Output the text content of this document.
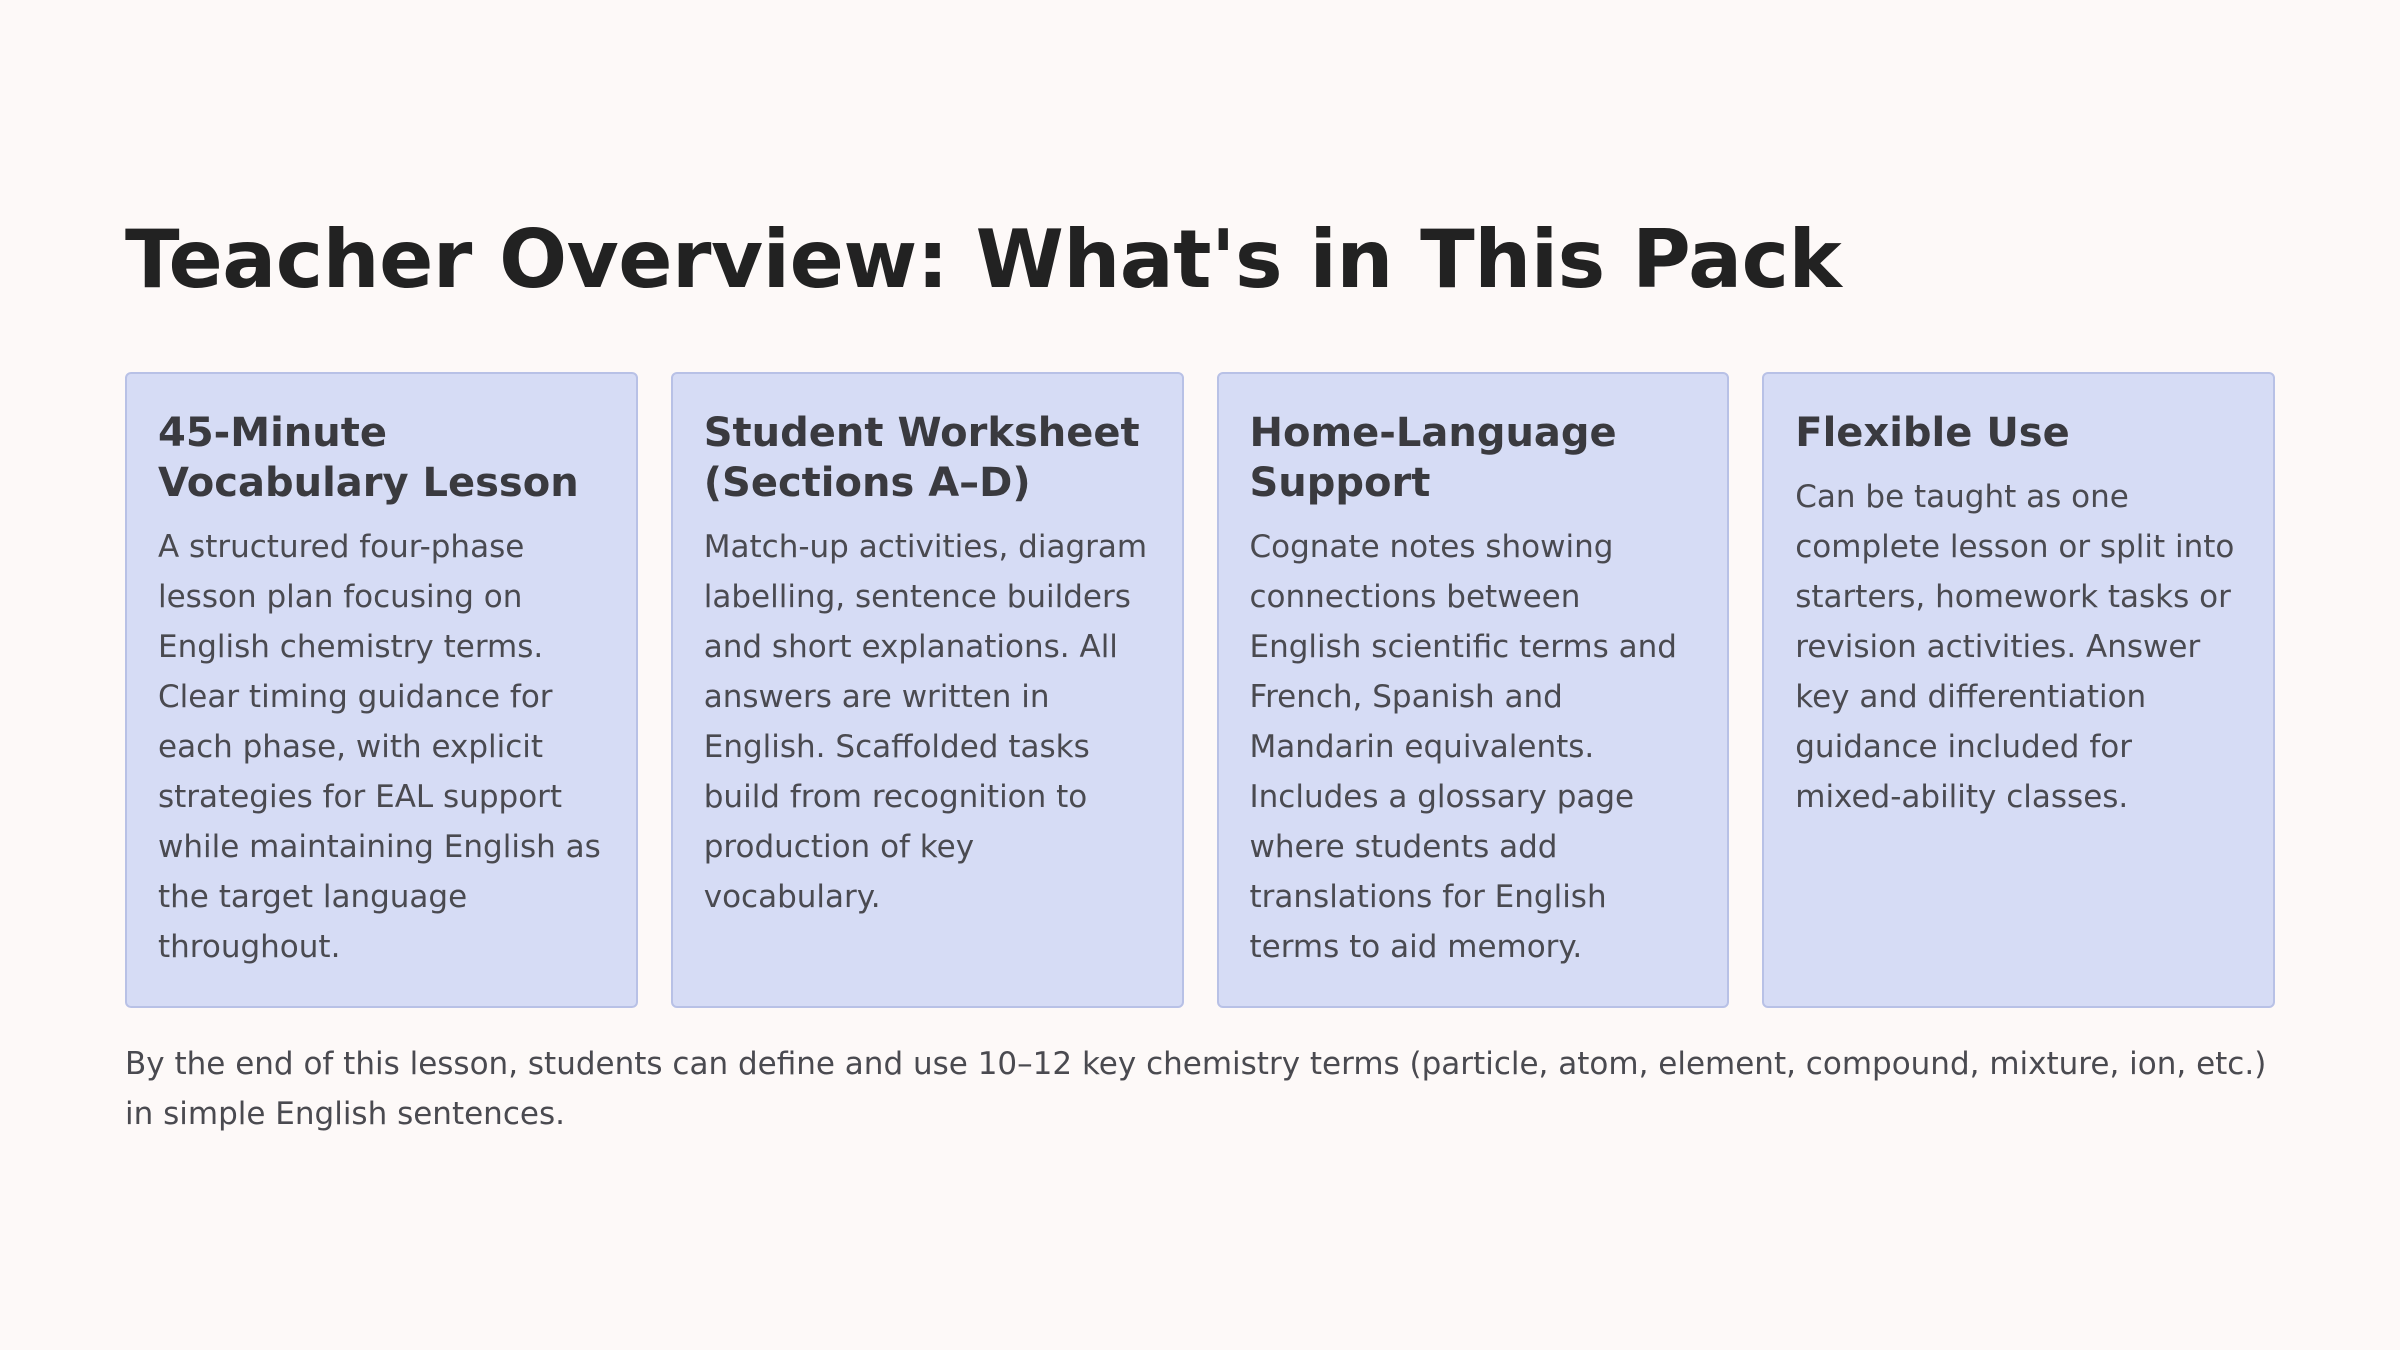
Teacher Overview: What's in This Pack
45-Minute Vocabulary Lesson

A structured four-phase lesson plan focusing on English chemistry terms. Clear timing guidance for each phase, with explicit strategies for EAL support while maintaining English as the target language throughout.

Student Worksheet (Sections A–D)

Match-up activities, diagram labelling, sentence builders and short explanations. All answers are written in English. Scaffolded tasks build from recognition to production of key vocabulary.

Home-Language Support

Cognate notes showing connections between English scientific terms and French, Spanish and Mandarin equivalents. Includes a glossary page where students add translations for English terms to aid memory.

Flexible Use

Can be taught as one complete lesson or split into starters, homework tasks or revision activities. Answer key and differentiation guidance included for mixed-ability classes.

By the end of this lesson, students can define and use 10–12 key chemistry terms (particle, atom, element, compound, mixture, ion, etc.) in simple English sentences.
